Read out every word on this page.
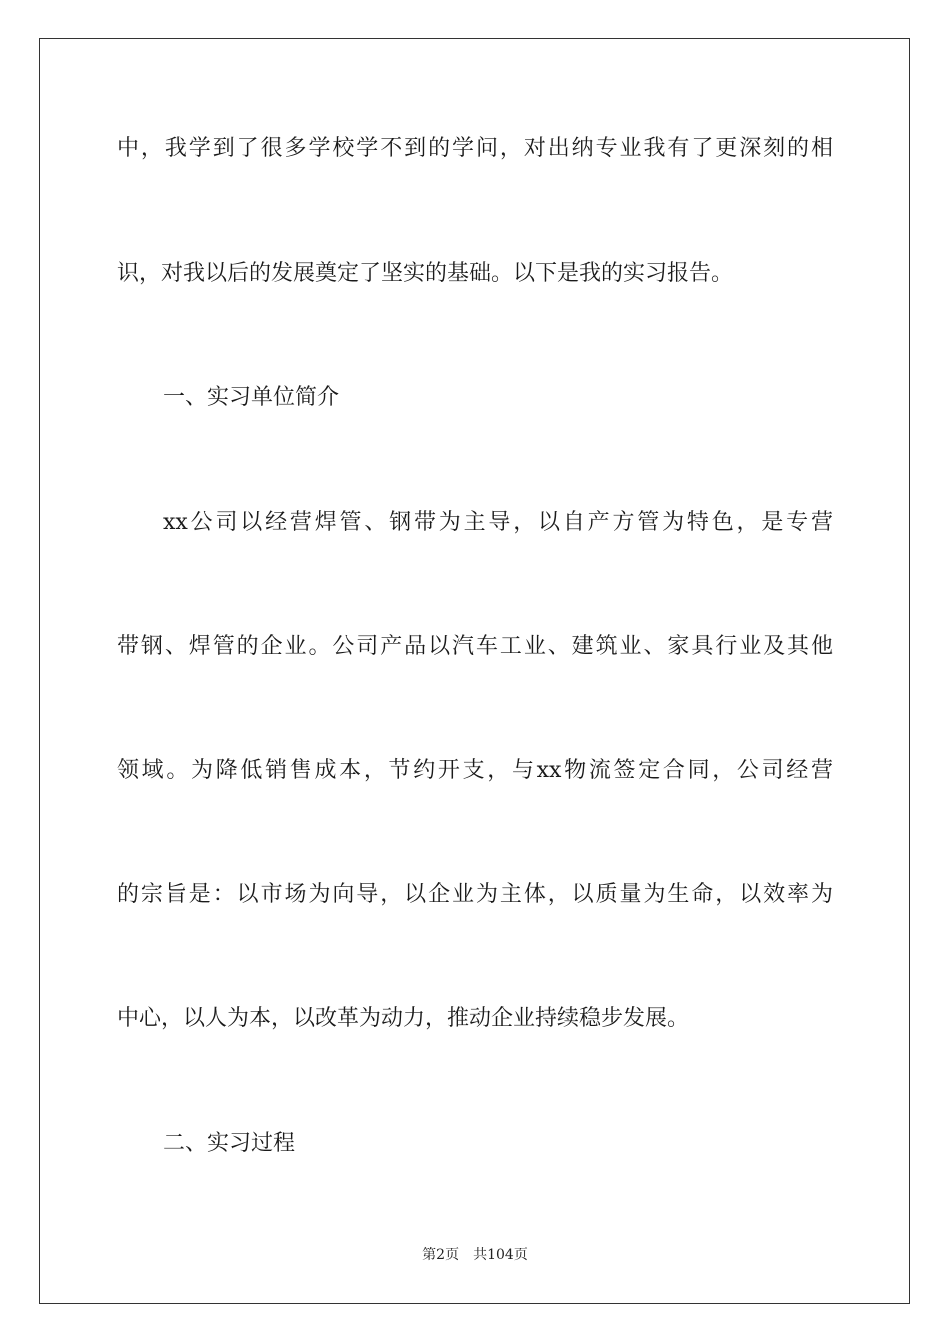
中，我学到了很多学校学不到的学问，对出纳专业我有了更深刻的相
识，对我以后的发展奠定了坚实的基础。以下是我的实习报告。
一、实习单位简介
xx公司以经营焊管、钢带为主导，以自产方管为特色，是专营
带钢、焊管的企业。公司产品以汽车工业、建筑业、家具行业及其他
领域。为降低销售成本，节约开支，与xx物流签定合同，公司经营
的宗旨是：以市场为向导，以企业为主体，以质量为生命，以效率为
中心，以人为本，以改革为动力，推动企业持续稳步发展。
二、实习过程
第2页 共104页
